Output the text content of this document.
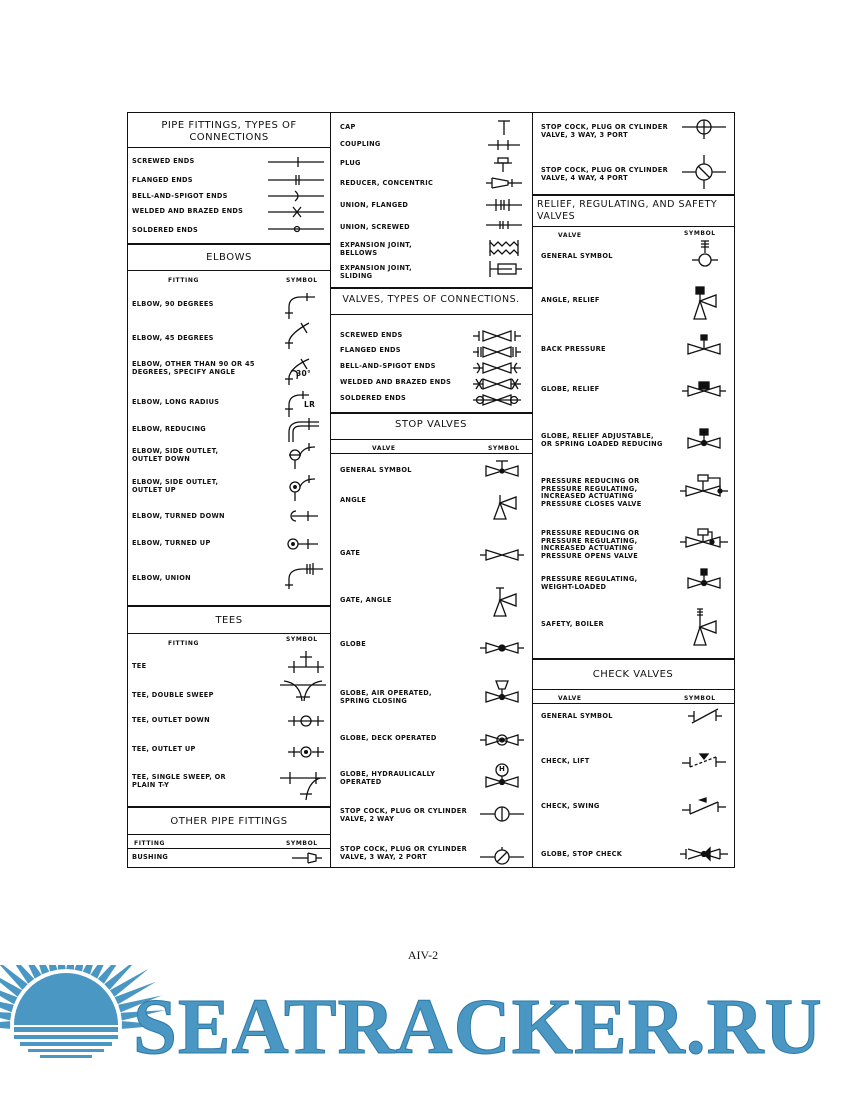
PIPE FITTINGS, TYPES OF
CONNECTIONS
SCREWED ENDS
FLANGED ENDS
BELL-AND-SPIGOT ENDS
WELDED AND BRAZED ENDS
SOLDERED ENDS
ELBOWS
FITTING	SYMBOL
ELBOW, 90 DEGREES
ELBOW, 45 DEGREES
ELBOW, OTHER THAN 90 OR 45
DEGREES, SPECIFY ANGLE
ELBOW, LONG RADIUS
ELBOW, REDUCING
ELBOW, SIDE OUTLET,
OUTLET DOWN
ELBOW, SIDE OUTLET,
OUTLET UP
ELBOW, TURNED DOWN
ELBOW, TURNED UP
ELBOW, UNION
30°
LR
TEES
FITTING
SYMBOL
TEE
TEE, DOUBLE SWEEP
TEE, OUTLET DOWN
TEE, OUTLET UP
TEE, SINGLE SWEEP, OR
PLAIN T-Y
OTHER PIPE FITTINGS
FITTING	SYMBOL
BUSHING
CAP
COUPLING
PLUG
REDUCER, CONCENTRIC
UNION, FLANGED
UNION, SCREWED
EXPANSION JOINT,
BELLOWS
EXPANSION JOINT,
SLIDING
VALVES, TYPES OF CONNECTIONS.
SCREWED ENDS
FLANGED ENDS
BELL-AND-SPIGOT ENDS
WELDED AND BRAZED ENDS
SOLDERED ENDS
STOP VALVES
VALVE	SYMBOL
GENERAL SYMBOL
ANGLE
GATE
GATE, ANGLE
GLOBE
GLOBE, AIR OPERATED,
SPRING CLOSING
GLOBE, DECK OPERATED
GLOBE, HYDRAULICALLY
OPERATED
STOP COCK, PLUG OR CYLINDER
VALVE, 2 WAY
STOP COCK, PLUG OR CYLINDER
VALVE, 3 WAY, 2 PORT
H
STOP COCK, PLUG OR CYLINDER
VALVE, 3 WAY, 3 PORT
STOP COCK, PLUG OR CYLINDER
VALVE, 4 WAY, 4 PORT
RELIEF, REGULATING, AND SAFETY
VALVES
VALVE	SYMBOL
GENERAL SYMBOL
ANGLE, RELIEF
BACK PRESSURE
GLOBE, RELIEF
GLOBE, RELIEF ADJUSTABLE,
OR SPRING LOADED REDUCING
PRESSURE REDUCING OR
PRESSURE REGULATING,
INCREASED ACTUATING
PRESSURE CLOSES VALVE
PRESSURE REDUCING OR
PRESSURE REGULATING,
INCREASED ACTUATING
PRESSURE OPENS VALVE
PRESSURE REGULATING,
WEIGHT-LOADED
SAFETY, BOILER
CHECK VALVES
VALVE	SYMBOL
GENERAL SYMBOL
CHECK, LIFT
CHECK, SWING
GLOBE, STOP CHECK
AIV-2
SEATRACKER.RU
